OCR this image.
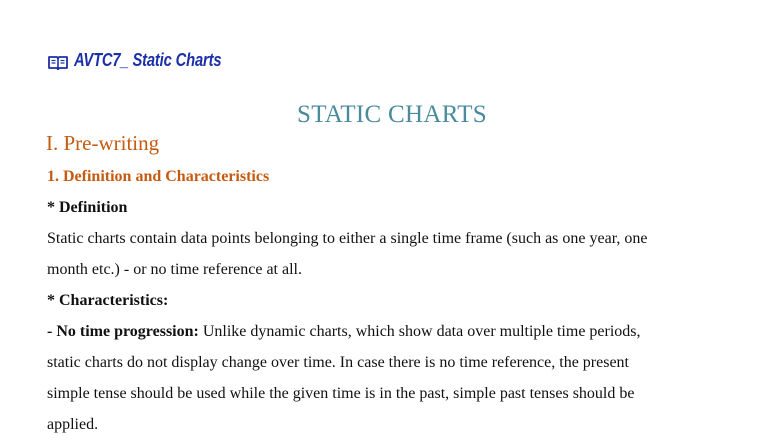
AVTC7_ Static Charts
STATIC CHARTS
I. Pre-writing
1. Definition and Characteristics
* Definition
Static charts contain data points belonging to either a single time frame (such as one year, one
month etc.) - or no time reference at all.
* Characteristics:
- No time progression: Unlike dynamic charts, which show data over multiple time periods,
static charts do not display change over time. In case there is no time reference, the present
simple tense should be used while the given time is in the past, simple past tenses should be
applied.
